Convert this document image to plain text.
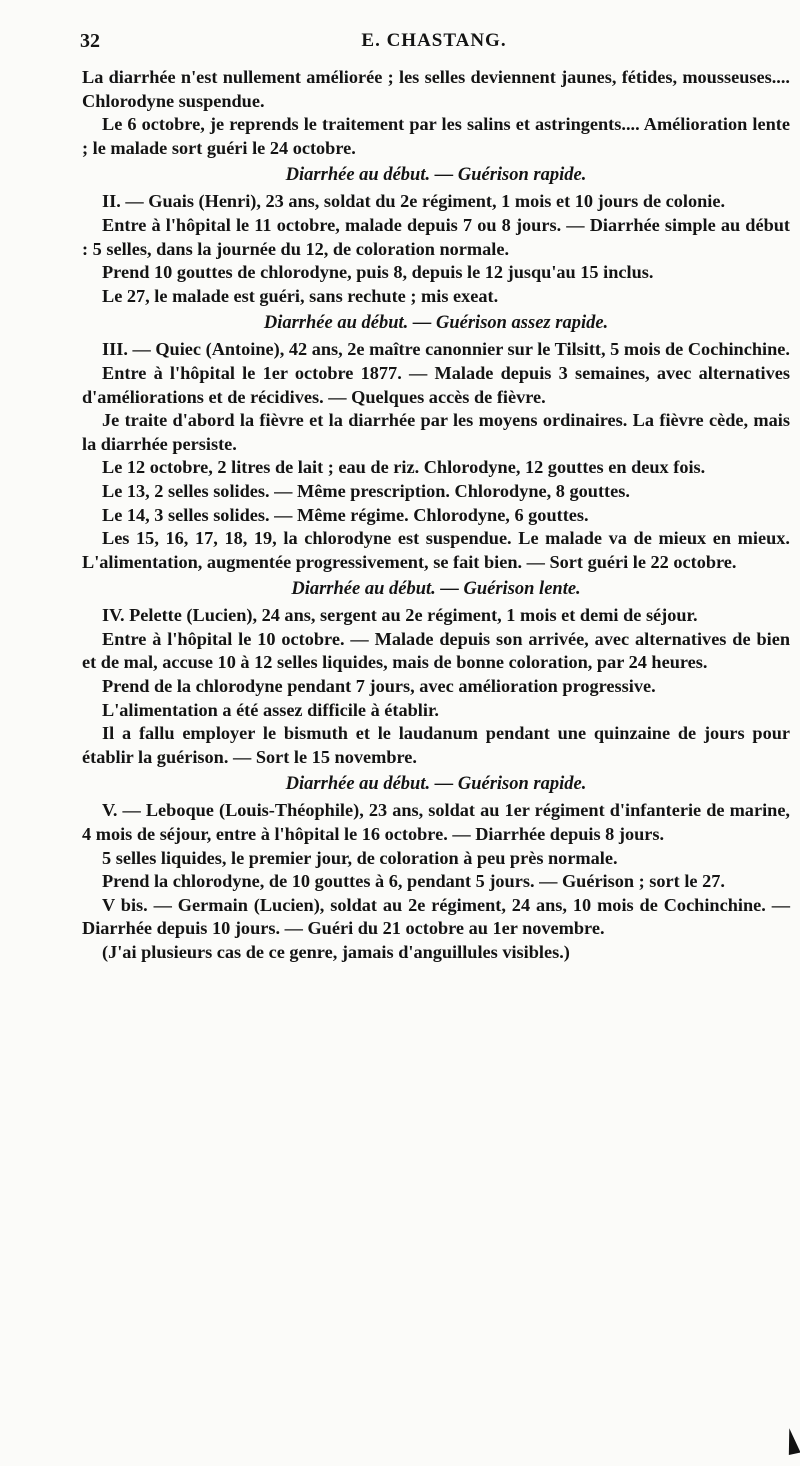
32	E. CHASTANG.

La diarrhée n'est nullement améliorée ; les selles deviennent jaunes, fétides, mousseuses.... Chlorodyne suspendue.

Le 6 octobre, je reprends le traitement par les salins et astringents.... Amélioration lente ; le malade sort guéri le 24 octobre.

Diarrhée au début. — Guérison rapide.

II. — Guais (Henri), 23 ans, soldat du 2e régiment, 1 mois et 10 jours de colonie.

Entre à l'hôpital le 11 octobre, malade depuis 7 ou 8 jours. — Diarrhée simple au début : 5 selles, dans la journée du 12, de coloration normale.

Prend 10 gouttes de chlorodyne, puis 8, depuis le 12 jusqu'au 15 inclus.

Le 27, le malade est guéri, sans rechute ; mis exeat.

Diarrhée au début. — Guérison assez rapide.

III. — Quiec (Antoine), 42 ans, 2e maître canonnier sur le Tilsitt, 5 mois de Cochinchine.

Entre à l'hôpital le 1er octobre 1877. — Malade depuis 3 semaines, avec alternatives d'améliorations et de récidives. — Quelques accès de fièvre.

Je traite d'abord la fièvre et la diarrhée par les moyens ordinaires. La fièvre cède, mais la diarrhée persiste.

Le 12 octobre, 2 litres de lait ; eau de riz. Chlorodyne, 12 gouttes en deux fois.

Le 13, 2 selles solides. — Même prescription. Chlorodyne, 8 gouttes.

Le 14, 3 selles solides. — Même régime. Chlorodyne, 6 gouttes.

Les 15, 16, 17, 18, 19, la chlorodyne est suspendue. Le malade va de mieux en mieux. L'alimentation, augmentée progressivement, se fait bien. — Sort guéri le 22 octobre.

Diarrhée au début. — Guérison lente.

IV. Pelette (Lucien), 24 ans, sergent au 2e régiment, 1 mois et demi de séjour.

Entre à l'hôpital le 10 octobre. — Malade depuis son arrivée, avec alternatives de bien et de mal, accuse 10 à 12 selles liquides, mais de bonne coloration, par 24 heures.

Prend de la chlorodyne pendant 7 jours, avec amélioration progressive.

L'alimentation a été assez difficile à établir.

Il a fallu employer le bismuth et le laudanum pendant une quinzaine de jours pour établir la guérison. — Sort le 15 novembre.

Diarrhée au début. — Guérison rapide.

V. — Leboque (Louis-Théophile), 23 ans, soldat au 1er régiment d'infanterie de marine, 4 mois de séjour, entre à l'hôpital le 16 octobre. — Diarrhée depuis 8 jours.

5 selles liquides, le premier jour, de coloration à peu près normale.

Prend la chlorodyne, de 10 gouttes à 6, pendant 5 jours. — Guérison ; sort le 27.

V bis. — Germain (Lucien), soldat au 2e régiment, 24 ans, 10 mois de Cochinchine. — Diarrhée depuis 10 jours. — Guéri du 21 octobre au 1er novembre.

(J'ai plusieurs cas de ce genre, jamais d'anguillules visibles.)
